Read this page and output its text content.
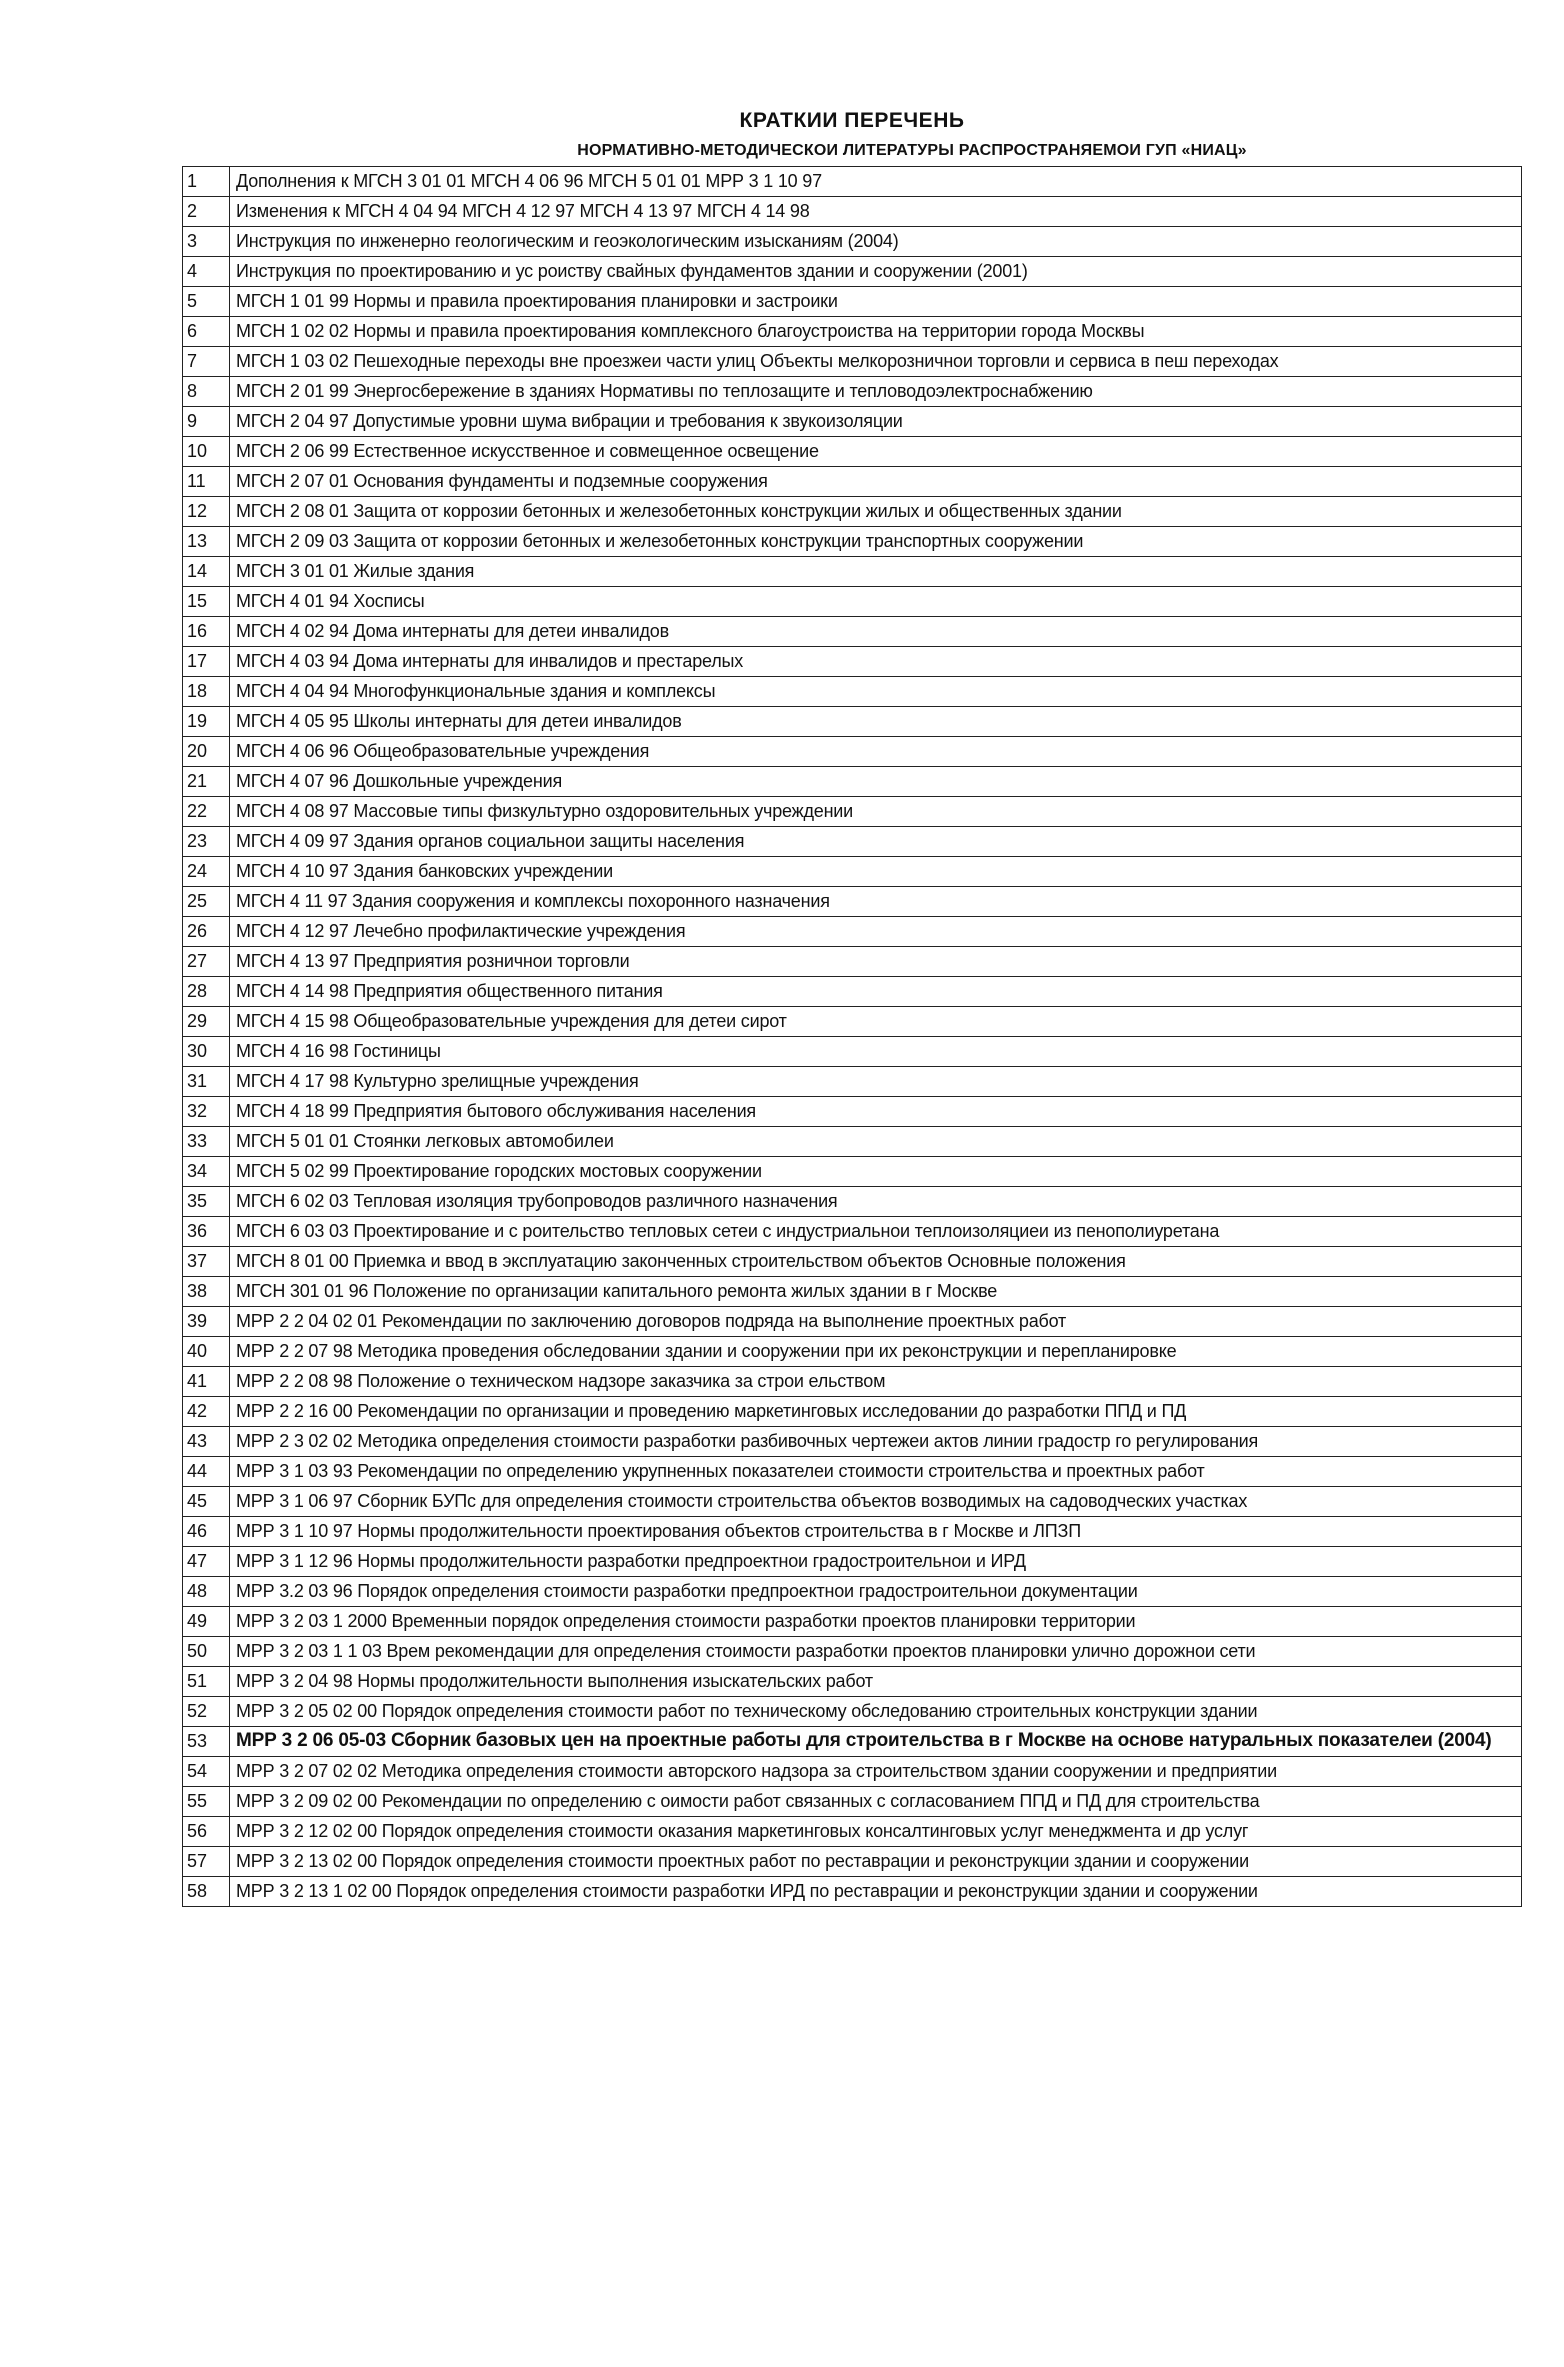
КРАТКИИ ПЕРЕЧЕНЬ
НОРМАТИВНО-МЕТОДИЧЕСКОИ ЛИТЕРАТУРЫ РАСПРОСТРАНЯЕМОИ ГУП «НИАЦ»
1	Дополнения к МГСН 3 01 01 МГСН 4 06 96 МГСН 5 01 01 МРР 3 1 10 97
2	Изменения к МГСН 4 04 94 МГСН 4 12 97 МГСН 4 13 97 МГСН 4 14 98
3	Инструкция по инженерно геологическим и геоэкологическим изысканиям (2004)
4	Инструкция по проектированию и ус роиству свайных фундаментов здании и сооружении (2001)
5	МГСН 1 01 99 Нормы и правила проектирования планировки и застроики
6	МГСН 1 02 02 Нормы и правила проектирования комплексного благоустроиства на территории города Москвы
7	МГСН 1 03 02 Пешеходные переходы вне проезжеи части улиц Объекты мелкорозничнои торговли и сервиса в пеш переходах
8	МГСН 2 01 99 Энергосбережение в зданиях Нормативы по теплозащите и тепловодоэлектроснабжению
9	МГСН 2 04 97 Допустимые уровни шума вибрации и требования к звукоизоляции
10	МГСН 2 06 99 Естественное искусственное и совмещенное освещение
11	МГСН 2 07 01 Основания фундаменты и подземные сооружения
12	МГСН 2 08 01 Защита от коррозии бетонных и железобетонных конструкции жилых и общественных здании
13	МГСН 2 09 03 Защита от коррозии бетонных и железобетонных конструкции транспортных сооружении
14	МГСН 3 01 01 Жилые здания
15	МГСН 4 01 94 Хосписы
16	МГСН 4 02 94 Дома интернаты для детеи инвалидов
17	МГСН 4 03 94 Дома интернаты для инвалидов и престарелых
18	МГСН 4 04 94 Многофункциональные здания и комплексы
19	МГСН 4 05 95 Школы интернаты для детеи инвалидов
20	МГСН 4 06 96 Общеобразовательные учреждения
21	МГСН 4 07 96 Дошкольные учреждения
22	МГСН 4 08 97 Массовые типы физкультурно оздоровительных учреждении
23	МГСН 4 09 97 Здания органов социальнои защиты населения
24	МГСН 4 10 97 Здания банковских учреждении
25	МГСН 4 11 97 Здания сооружения и комплексы похоронного назначения
26	МГСН 4 12 97 Лечебно профилактические учреждения
27	МГСН 4 13 97 Предприятия розничнои торговли
28	МГСН 4 14 98 Предприятия общественного питания
29	МГСН 4 15 98 Общеобразовательные учреждения для детеи сирот
30	МГСН 4 16 98 Гостиницы
31	МГСН 4 17 98 Культурно зрелищные учреждения
32	МГСН 4 18 99 Предприятия бытового обслуживания населения
33	МГСН 5 01 01 Стоянки легковых автомобилеи
34	МГСН 5 02 99 Проектирование городских мостовых сооружении
35	МГСН 6 02 03 Тепловая изоляция трубопроводов различного назначения
36	МГСН 6 03 03 Проектирование и с роительство тепловых сетеи с индустриальнои теплоизоляциеи из пенополиуретана
37	МГСН 8 01 00 Приемка и ввод в эксплуатацию законченных строительством объектов Основные положения
38	МГСН 301 01 96 Положение по организации капитального ремонта жилых здании в г Москве
39	МРР 2 2 04 02 01 Рекомендации по заключению договоров подряда на выполнение проектных работ
40	МРР 2 2 07 98 Методика проведения обследовании здании и сооружении при их реконструкции и перепланировке
41	МРР 2 2 08 98 Положение о техническом надзоре заказчика за строи ельством
42	МРР 2 2 16 00 Рекомендации по организации и проведению маркетинговых исследовании до разработки ППД и ПД
43	МРР 2 3 02 02 Методика определения стоимости разработки разбивочных чертежеи актов линии градостр го регулирования
44	МРР 3 1 03 93 Рекомендации по определению укрупненных показателеи стоимости строительства и проектных работ
45	МРР 3 1 06 97 Сборник БУПс для определения стоимости строительства объектов возводимых на садоводческих участках
46	МРР 3 1 10 97 Нормы продолжительности проектирования объектов строительства в г Москве и ЛПЗП
47	МРР 3 1 12 96 Нормы продолжительности разработки предпроектнои градостроительнои и ИРД
48	МРР 3.2 03 96 Порядок определения стоимости разработки предпроектнои градостроительнои документации
49	МРР 3 2 03 1 2000 Временныи порядок определения стоимости разработки проектов планировки территории
50	МРР 3 2 03 1 1 03 Врем рекомендации для определения стоимости разработки проектов планировки улично дорожнои сети
51	МРР 3 2 04 98 Нормы продолжительности выполнения изыскательских работ
52	МРР 3 2 05 02 00 Порядок определения стоимости работ по техническому обследованию строительных конструкции здании
53	МРР 3 2 06 05-03 Сборник базовых цен на проектные работы для строительства в г Москве на основе натуральных показателеи (2004)
54	МРР 3 2 07 02 02 Методика определения стоимости авторского надзора за строительством здании сооружении и предприятии
55	МРР 3 2 09 02 00 Рекомендации по определению с оимости работ связанных с согласованием ППД и ПД для строительства
56	МРР 3 2 12 02 00 Порядок определения стоимости оказания маркетинговых консалтинговых услуг менеджмента и др услуг
57	МРР 3 2 13 02 00 Порядок определения стоимости проектных работ по реставрации и реконструкции здании и сооружении
58	МРР 3 2 13 1 02 00 Порядок определения стоимости разработки ИРД по реставрации и реконструкции здании и сооружении
